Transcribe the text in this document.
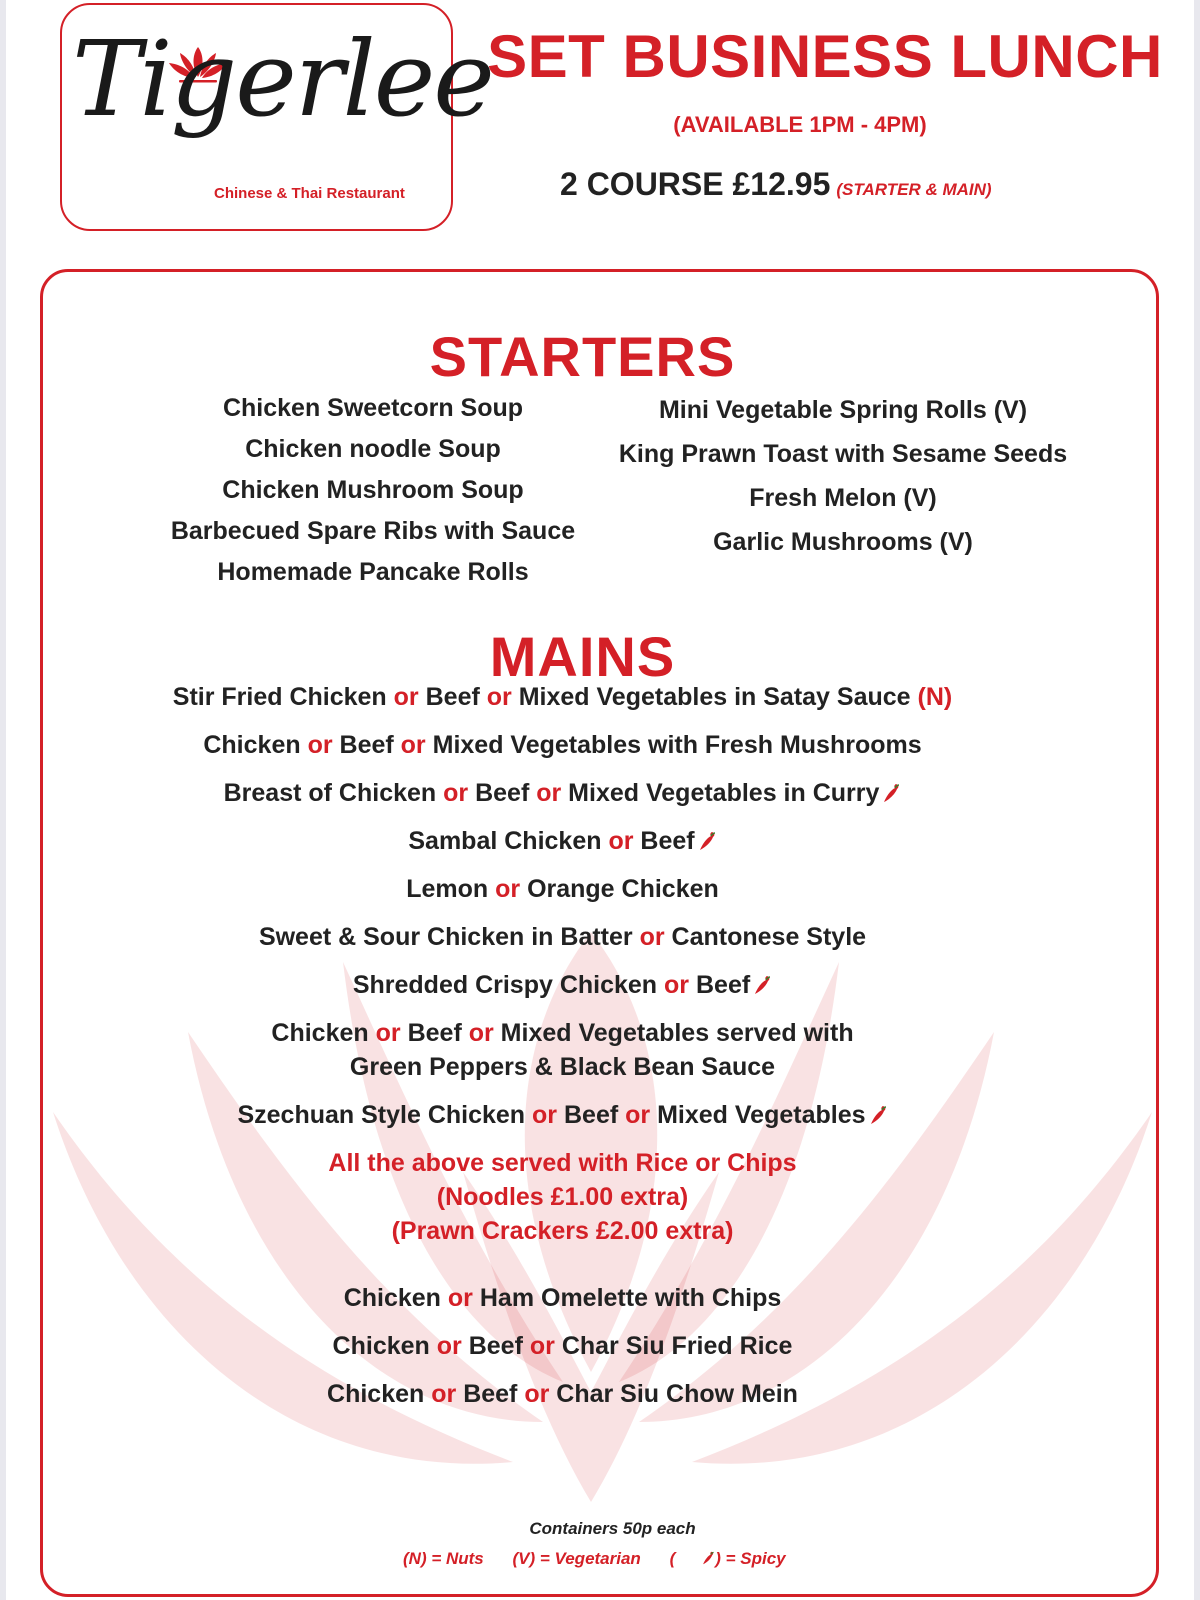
Tigerlee
Chinese & Thai Restaurant
SET BUSINESS LUNCH
(AVAILABLE 1PM - 4PM)
2 COURSE £12.95 (STARTER & MAIN)
STARTERS
Chicken Sweetcorn Soup
Chicken noodle Soup
Chicken Mushroom Soup
Barbecued Spare Ribs with Sauce
Homemade Pancake Rolls
Mini Vegetable Spring Rolls (V)
King Prawn Toast with Sesame Seeds
Fresh Melon (V)
Garlic Mushrooms (V)
MAINS
Stir Fried Chicken or Beef or Mixed Vegetables in Satay Sauce (N)
Chicken or Beef or Mixed Vegetables with Fresh Mushrooms
Breast of Chicken or Beef or Mixed Vegetables in Curry
Sambal Chicken or Beef
Lemon or Orange Chicken
Sweet & Sour Chicken in Batter or Cantonese Style
Shredded Crispy Chicken or Beef
Chicken or Beef or Mixed Vegetables served with
Green Peppers & Black Bean Sauce
Szechuan Style Chicken or Beef or Mixed Vegetables
All the above served with Rice or Chips
(Noodles £1.00 extra)
(Prawn Crackers £2.00 extra)
Chicken or Ham Omelette with Chips
Chicken or Beef or Char Siu Fried Rice
Chicken or Beef or Char Siu Chow Mein
Containers 50p each
(N) = Nuts (V) = Vegetarian ( ) = Spicy
